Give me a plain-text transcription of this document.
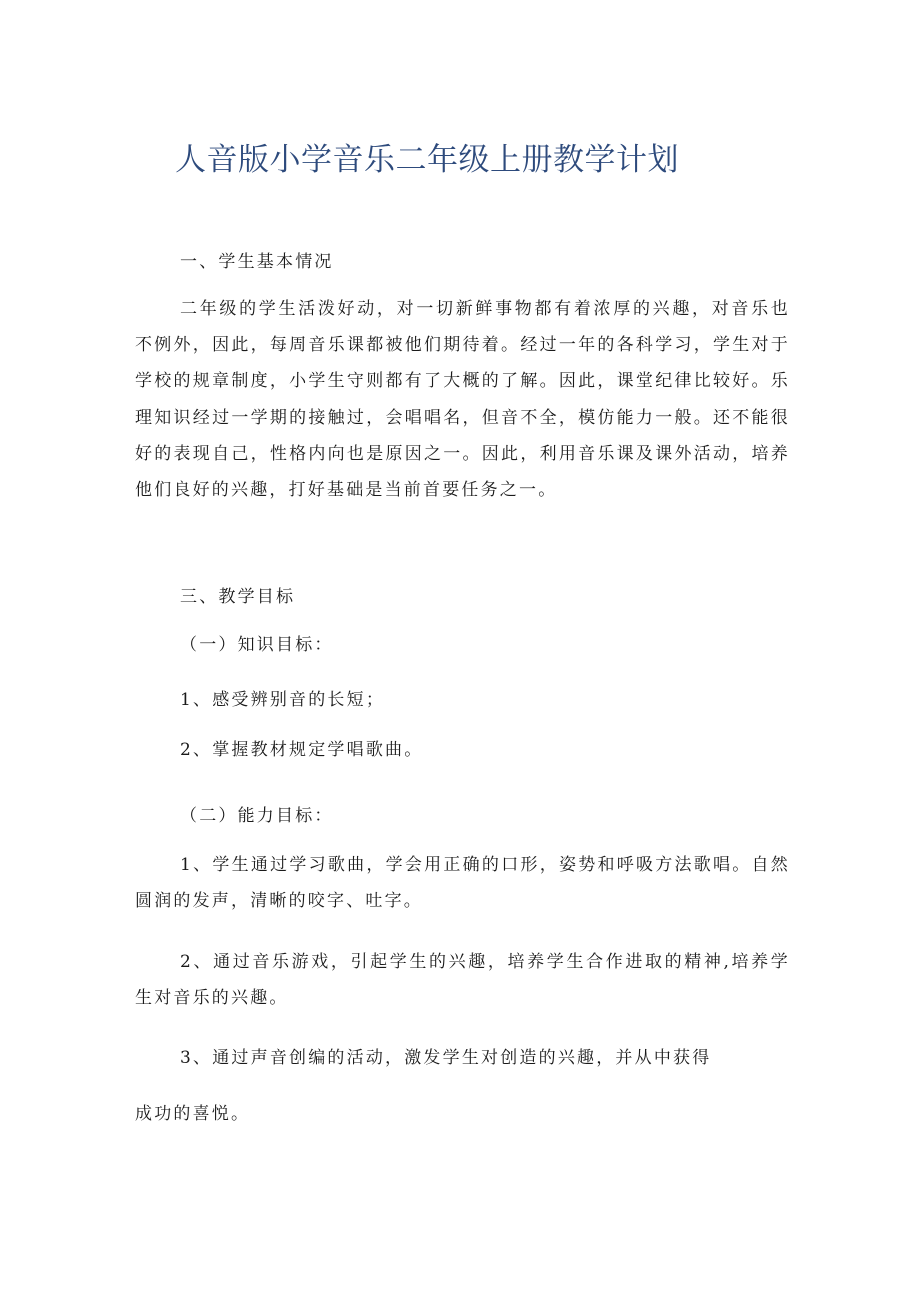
人音版小学音乐二年级上册教学计划
一、学生基本情况
二年级的学生活泼好动，对一切新鲜事物都有着浓厚的兴趣，对音乐也不例外，因此，每周音乐课都被他们期待着。经过一年的各科学习，学生对于学校的规章制度，小学生守则都有了大概的了解。因此，课堂纪律比较好。乐理知识经过一学期的接触过，会唱唱名，但音不全，模仿能力一般。还不能很好的表现自己，性格内向也是原因之一。因此，利用音乐课及课外活动，培养他们良好的兴趣，打好基础是当前首要任务之一。
三、教学目标
（一）知识目标：
1、感受辨别音的长短；
2、掌握教材规定学唱歌曲。
（二）能力目标：
1、学生通过学习歌曲，学会用正确的口形，姿势和呼吸方法歌唱。自然圆润的发声，清晰的咬字、吐字。
2、通过音乐游戏，引起学生的兴趣，培养学生合作进取的精神,培养学生对音乐的兴趣。
3、通过声音创编的活动，激发学生对创造的兴趣，并从中获得
成功的喜悦。
